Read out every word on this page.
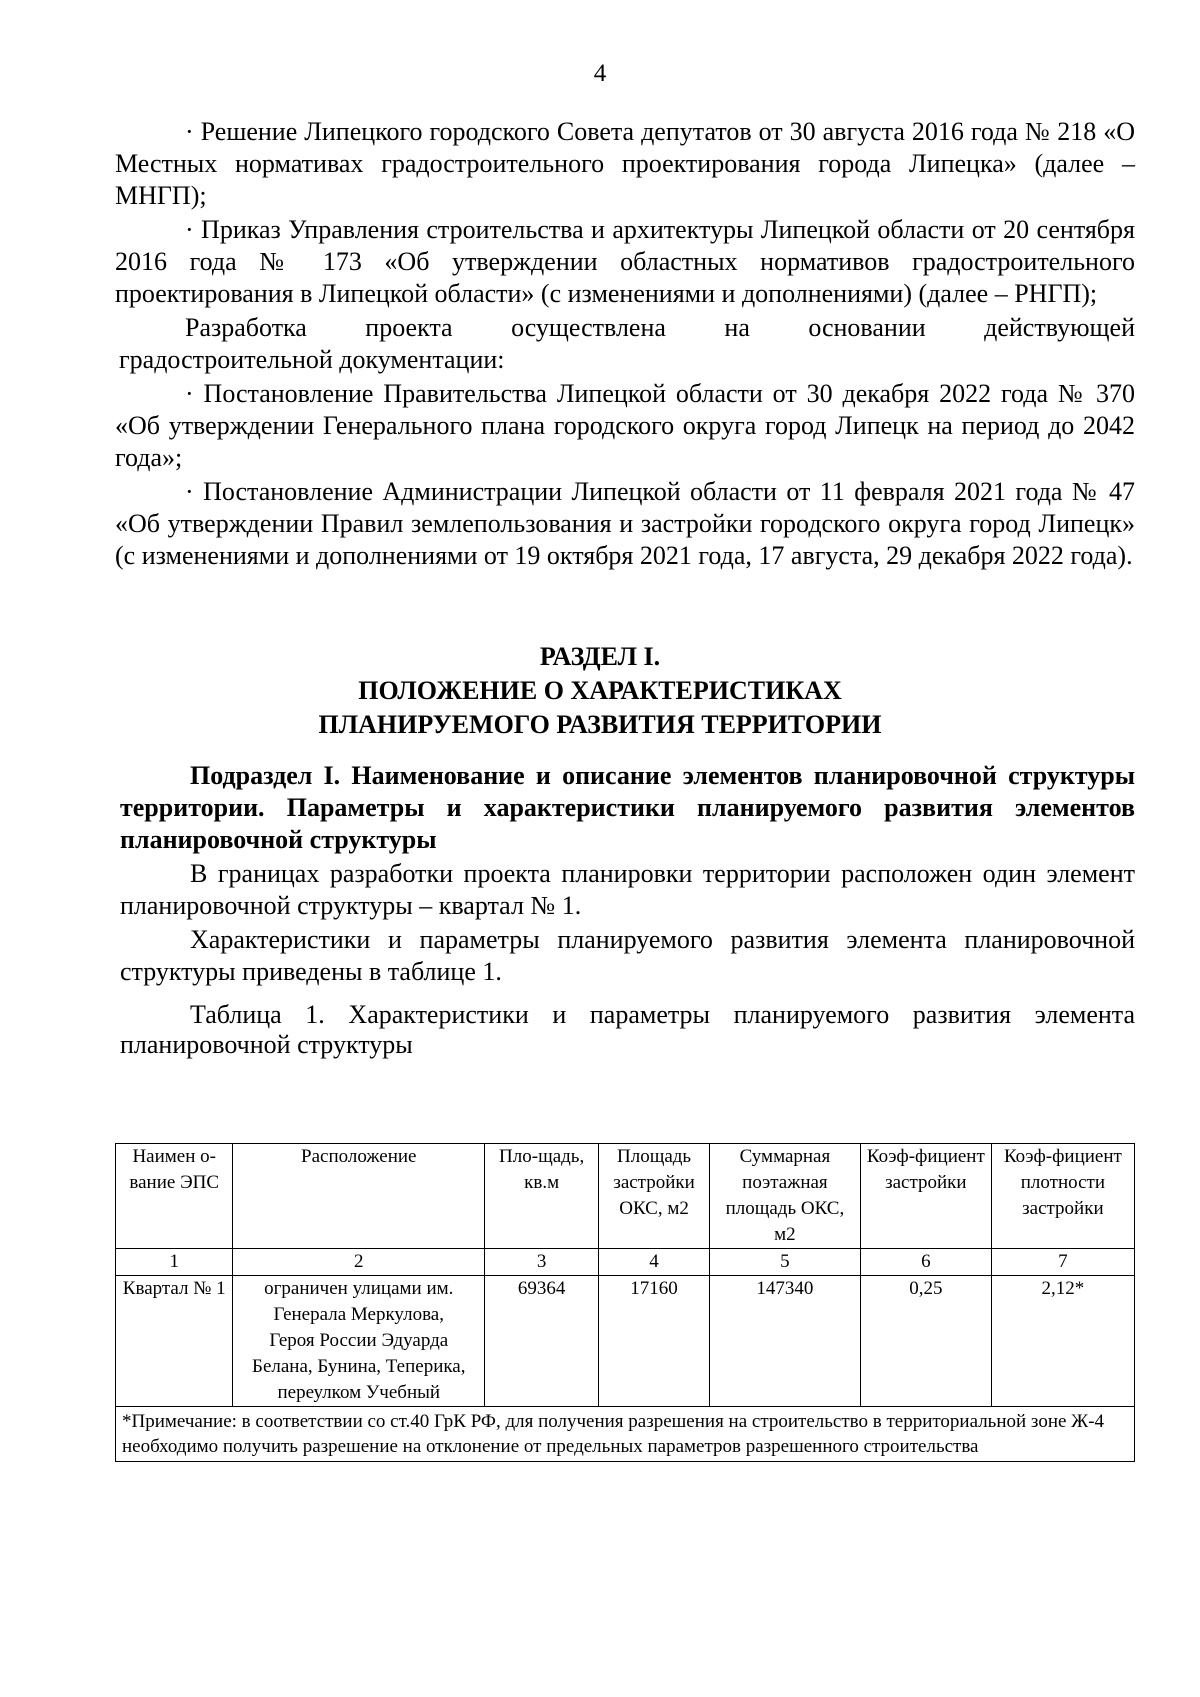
4

· Решение Липецкого городского Совета депутатов от 30 августа 2016 года № 218 «О Местных нормативах градостроительного проектирования города Липецка» (далее – МНГП);

· Приказ Управления строительства и архитектуры Липецкой области от 20 сентября 2016 года № 173 «Об утверждении областных нормативов градостроительного проектирования в Липецкой области» (с изменениями и дополнениями) (далее – РНГП);

Разработка проекта осуществлена на основании действующей

градостроительной документации:

· Постановление Правительства Липецкой области от 30 декабря 2022 года № 370 «Об утверждении Генерального плана городского округа город Липецк на период до 2042 года»;

· Постановление Администрации Липецкой области от 11 февраля 2021 года № 47 «Об утверждении Правил землепользования и застройки городского округа город Липецк» (с изменениями и дополнениями от 19 октября 2021 года, 17 августа, 29 декабря 2022 года).

РАЗДЕЛ I.
ПОЛОЖЕНИЕ О ХАРАКТЕРИСТИКАХ
ПЛАНИРУЕМОГО РАЗВИТИЯ ТЕРРИТОРИИ

Подраздел I. Наименование и описание элементов планировочной структуры территории. Параметры и характеристики планируемого развития элементов планировочной структуры

В границах разработки проекта планировки территории расположен один элемент планировочной структуры – квартал № 1.

Характеристики и параметры планируемого развития элемента планировочной структуры приведены в таблице 1.

Таблица 1. Характеристики и параметры планируемого развития элемента планировочной структуры

Наимен о-вание ЭПС	Расположение	Пло-щадь, кв.м	Площадь застройки ОКС, м2	Суммарная поэтажная площадь ОКС, м2	Коэф-фициент застройки	Коэф-фициент плотности застройки
1	2	3	4	5	6	7
Квартал № 1	ограничен улицами им. Генерала Меркулова, Героя России Эдуарда Белана, Бунина, Теперика, переулком Учебный	69364	17160	147340	0,25	2,12*
*Примечание: в соответствии со ст.40 ГрК РФ, для получения разрешения на строительство в территориальной зоне Ж-4 необходимо получить разрешение на отклонение от предельных параметров разрешенного строительства						
